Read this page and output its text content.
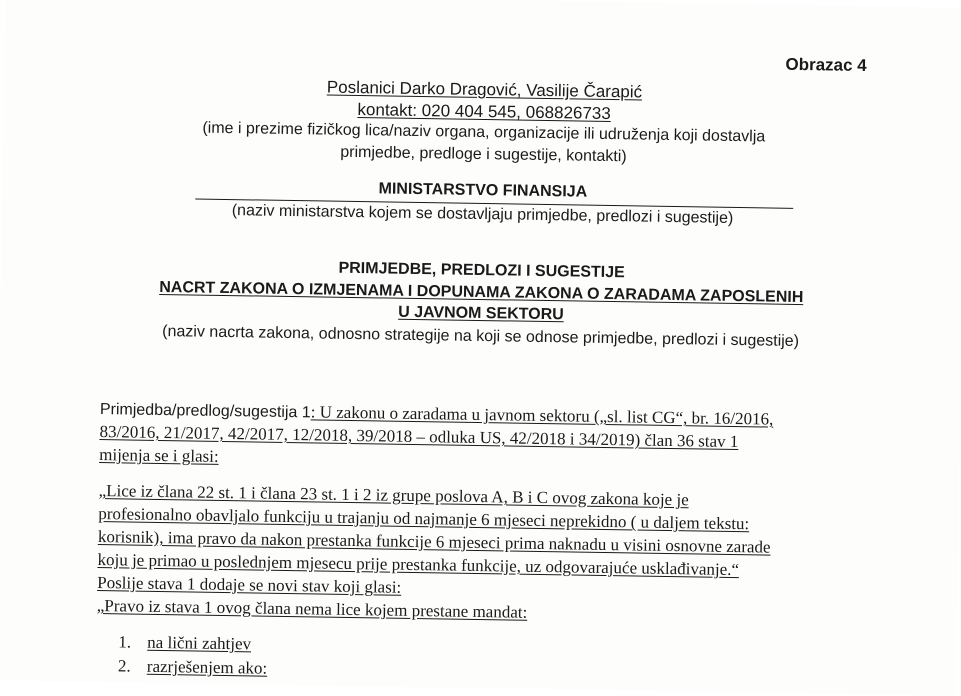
Obrazac 4
Poslanici Darko Dragović, Vasilije Čarapić
kontakt: 020 404 545, 068826733
(ime i prezime fizičkog lica/naziv organa, organizacije ili udruženja koji dostavlja
primjedbe, predloge i sugestije, kontakti)
MINISTARSTVO FINANSIJA
(naziv ministarstva kojem se dostavljaju primjedbe, predlozi i sugestije)
PRIMJEDBE, PREDLOZI I SUGESTIJE
NACRT ZAKONA O IZMJENAMA I DOPUNAMA ZAKONA O ZARADAMA ZAPOSLENIH
U JAVNOM SEKTORU
(naziv nacrta zakona, odnosno strategije na koji se odnose primjedbe, predlozi i sugestije)
Primjedba/predlog/sugestija 1: U zakonu o zaradama u javnom sektoru („sl. list CG“, br. 16/2016,
83/2016, 21/2017, 42/2017, 12/2018, 39/2018 – odluka US, 42/2018 i 34/2019) član 36 stav 1
mijenja se i glasi:
„Lice iz člana 22 st. 1 i člana 23 st. 1 i 2 iz grupe poslova A, B i C ovog zakona koje je
profesionalno obavljalo funkciju u trajanju od najmanje 6 mjeseci neprekidno ( u daljem tekstu:
korisnik), ima pravo da nakon prestanka funkcije 6 mjeseci prima naknadu u visini osnovne zarade
koju je primao u poslednjem mjesecu prije prestanka funkcije, uz odgovarajuće usklađivanje.“
Poslije stava 1 dodaje se novi stav koji glasi:
„Pravo iz stava 1 ovog člana nema lice kojem prestane mandat:
1. na lični zahtjev
2. razrješenjem ako:
